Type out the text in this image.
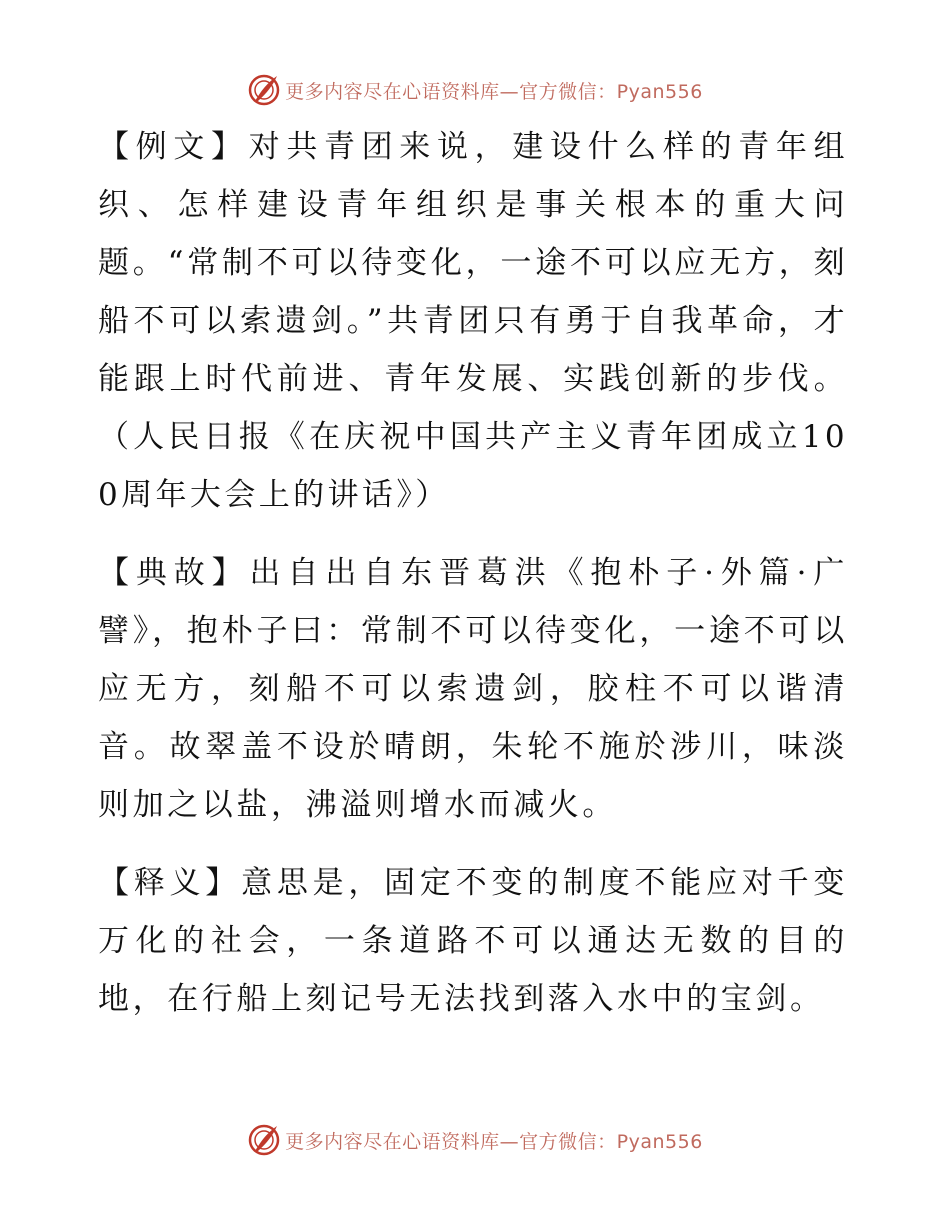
更多内容尽在心语资料库—官方微信：Pyan556

【例文】对共青团来说，建设什么样的青年组织、怎样建设青年组织是事关根本的重大问题。“常制不可以待变化，一途不可以应无方，刻船不可以索遗剑。”共青团只有勇于自我革命，才能跟上时代前进、青年发展、实践创新的步伐。（人民日报《在庆祝中国共产主义青年团成立100周年大会上的讲话》）

【典故】出自出自东晋葛洪《抱朴子·外篇·广譬》，抱朴子曰：常制不可以待变化，一途不可以应无方，刻船不可以索遗剑，胶柱不可以谐清音。故翠盖不设於晴朗，朱轮不施於涉川，味淡则加之以盐，沸溢则增水而减火。

【释义】意思是，固定不变的制度不能应对千变万化的社会，一条道路不可以通达无数的目的地，在行船上刻记号无法找到落入水中的宝剑。

更多内容尽在心语资料库—官方微信：Pyan556
